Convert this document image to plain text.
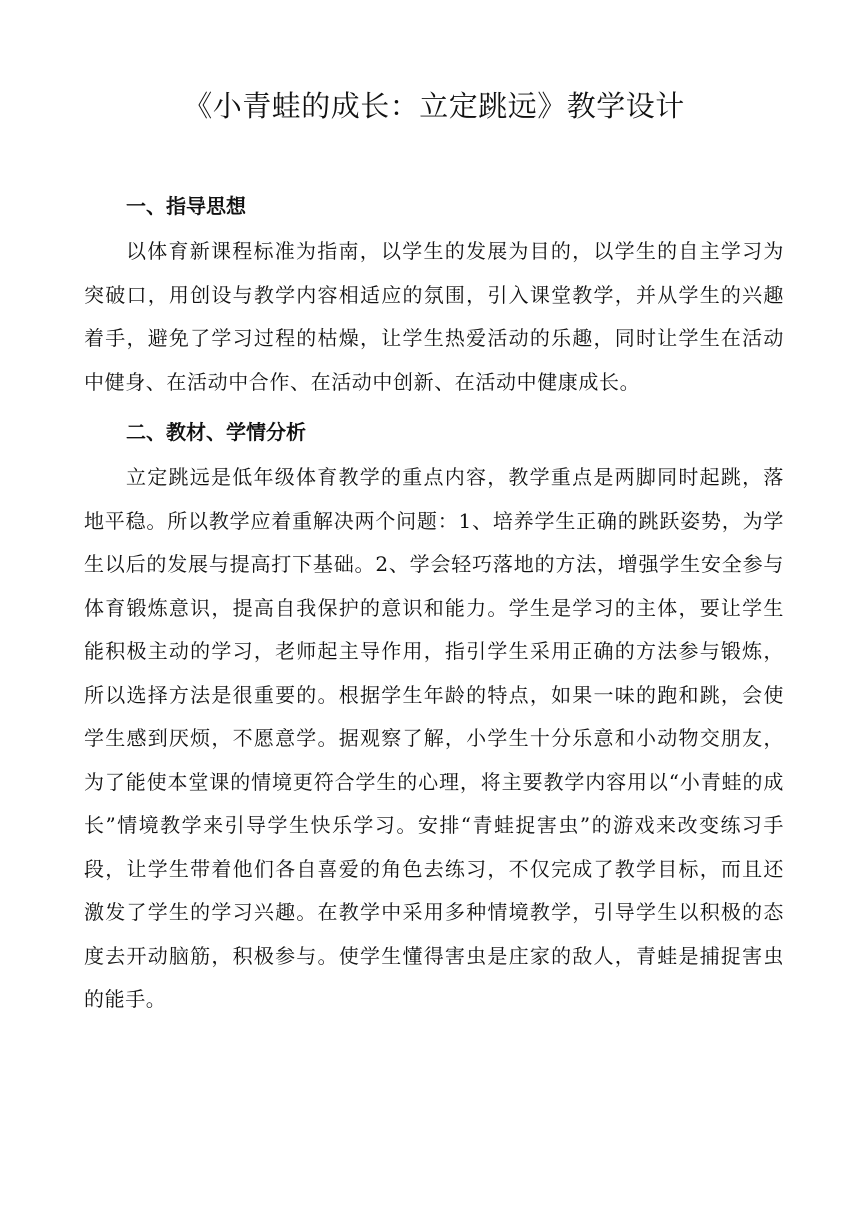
《小青蛙的成长：立定跳远》教学设计
一、指导思想

以体育新课程标准为指南，以学生的发展为目的，以学生的自主学习为突破口，用创设与教学内容相适应的氛围，引入课堂教学，并从学生的兴趣着手，避免了学习过程的枯燥，让学生热爱活动的乐趣，同时让学生在活动中健身、在活动中合作、在活动中创新、在活动中健康成长。

二、教材、学情分析

立定跳远是低年级体育教学的重点内容，教学重点是两脚同时起跳，落地平稳。所以教学应着重解决两个问题：1、培养学生正确的跳跃姿势，为学生以后的发展与提高打下基础。2、学会轻巧落地的方法，增强学生安全参与体育锻炼意识，提高自我保护的意识和能力。学生是学习的主体，要让学生能积极主动的学习，老师起主导作用，指引学生采用正确的方法参与锻炼，所以选择方法是很重要的。根据学生年龄的特点，如果一味的跑和跳，会使学生感到厌烦，不愿意学。据观察了解，小学生十分乐意和小动物交朋友，为了能使本堂课的情境更符合学生的心理，将主要教学内容用以“小青蛙的成长”情境教学来引导学生快乐学习。安排“青蛙捉害虫”的游戏来改变练习手段，让学生带着他们各自喜爱的角色去练习，不仅完成了教学目标，而且还激发了学生的学习兴趣。在教学中采用多种情境教学，引导学生以积极的态度去开动脑筋，积极参与。使学生懂得害虫是庄家的敌人，青蛙是捕捉害虫的能手。
